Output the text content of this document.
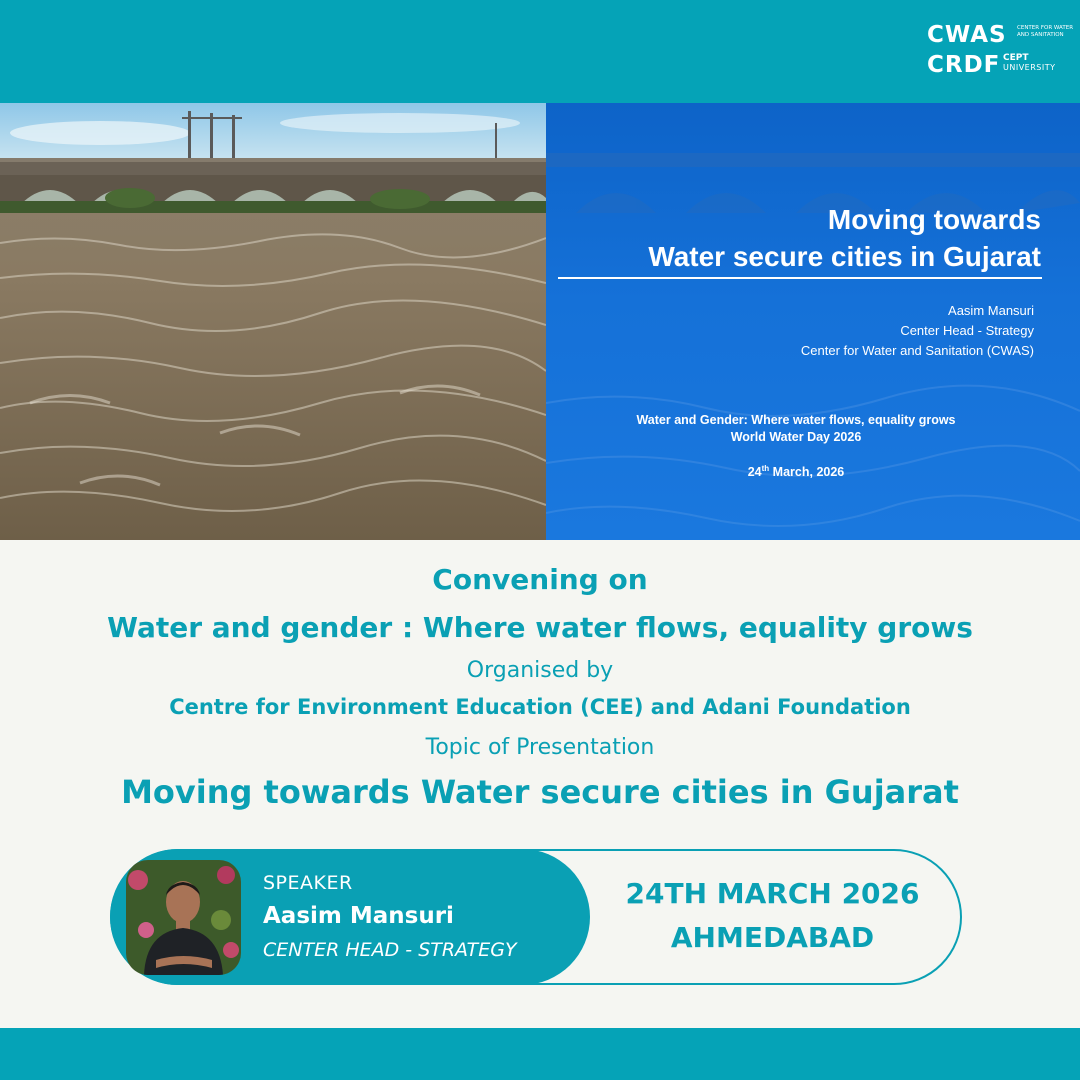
CWAS CENTER FOR WATER AND SANITATION
CRDF CEPT
UNIVERSITY
Moving towards
Water secure cities in Gujarat
Aasim Mansuri
Center Head - Strategy
Center for Water and Sanitation (CWAS)
Water and Gender: Where water flows, equality grows
World Water Day 2026
24th March, 2026
Convening on
Water and gender : Where water flows, equality grows
Organised by
Centre for Environment Education (CEE) and Adani Foundation
Topic of Presentation
Moving towards Water secure cities in Gujarat
SPEAKER
Aasim Mansuri
CENTER HEAD - STRATEGY
24TH MARCH 2026
AHMEDABAD
